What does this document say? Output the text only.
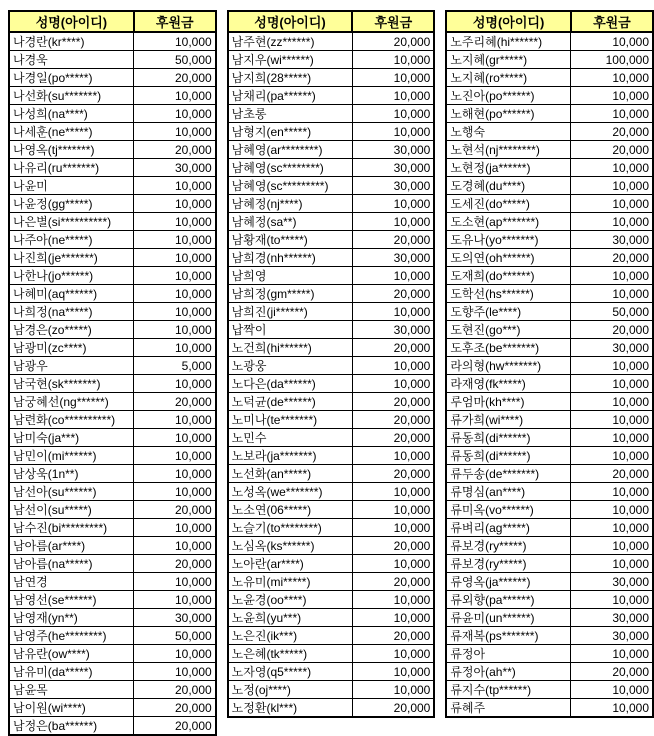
성명(아이디)	후원금
나경란(kr****)	10,000
나경욱	50,000
나경일(po*****)	20,000
나선화(su*******)	10,000
나성희(na****)	10,000
나세훈(ne*****)	10,000
나영옥(tj*******)	20,000
나유리(ru*******)	30,000
나윤미	10,000
나윤정(gg*****)	10,000
나은별(si**********)	10,000
나주아(ne*****)	10,000
나진희(je*******)	10,000
나한나(jo******)	10,000
나혜미(aq******)	10,000
나희정(na*****)	10,000
남경은(zo*****)	10,000
남광미(zc****)	10,000
남광우	5,000
남국현(sk*******)	10,000
남궁혜선(ng******)	20,000
남련화(co**********)	10,000
남미숙(ja***)	10,000
남민이(mi******)	10,000
남상욱(1n**)	10,000
남선아(su******)	10,000
남선이(su*****)	20,000
남수진(bi*********)	10,000
남아름(ar****)	10,000
남아름(na*****)	20,000
남연경	10,000
남영선(se******)	10,000
남영재(yn**)	30,000
남영주(he********)	50,000
남유란(ow****)	10,000
남유미(da*****)	10,000
남윤목	20,000
남이원(wi****)	20,000
남정은(ba******)	20,000
성명(아이디)	후원금
남주현(zz******)	20,000
남지우(wi******)	10,000
남지희(28*****)	10,000
남채리(pa******)	10,000
남초롱	10,000
남형지(en*****)	10,000
남혜영(ar********)	30,000
남혜영(sc********)	30,000
남혜영(sc*********)	30,000
남혜정(nj****)	10,000
남혜정(sa**)	10,000
남황재(to*****)	20,000
남희경(nh******)	30,000
남희영	10,000
남희정(gm*****)	20,000
남희진(ji******)	10,000
납짝이	30,000
노건희(hi******)	20,000
노광웅	10,000
노다은(da******)	10,000
노덕균(de******)	20,000
노미나(te*******)	20,000
노민수	20,000
노보라(ja*******)	10,000
노선화(an*****)	20,000
노성옥(we*******)	10,000
노소연(06*****)	10,000
노슬기(to********)	10,000
노심옥(ks******)	20,000
노아란(ar****)	10,000
노유미(mi*****)	20,000
노윤경(oo****)	10,000
노윤희(yu***)	10,000
노은진(ik***)	20,000
노은혜(tk*****)	10,000
노자영(q5*****)	10,000
노정(oj****)	10,000
노정환(kl***)	20,000
성명(아이디)	후원금
노주리혜(hi******)	10,000
노지혜(gr*****)	100,000
노지혜(ro*****)	10,000
노진아(po******)	10,000
노해현(po******)	10,000
노행숙	20,000
노현석(nj********)	20,000
노현정(ja******)	10,000
도경혜(du****)	10,000
도세진(do*****)	10,000
도소현(ap*******)	10,000
도유나(yo*******)	30,000
도의연(oh******)	20,000
도재희(do******)	10,000
도학선(hs******)	10,000
도향주(le****)	50,000
도현진(go***)	20,000
도후조(be*******)	30,000
라의형(hw*******)	10,000
라재영(fk*****)	10,000
루엄마(kh****)	10,000
류가희(wi****)	10,000
류동희(di******)	10,000
류동희(di******)	10,000
류두송(de*******)	20,000
류명심(an****)	10,000
류미옥(vo******)	10,000
류벼리(ag*****)	10,000
류보경(ry*****)	10,000
류보경(ry*****)	10,000
류영옥(ja******)	30,000
류외향(pa******)	10,000
류윤미(un******)	30,000
류재복(ps*******)	30,000
류정아	10,000
류정아(ah**)	20,000
류지수(tp******)	10,000
류혜주	10,000
